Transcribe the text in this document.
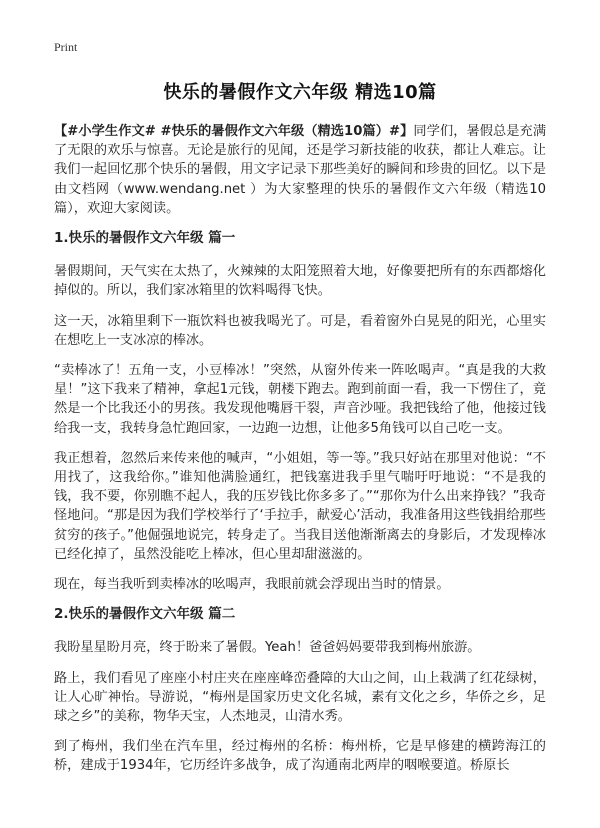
Print
快乐的暑假作文六年级 精选10篇

【#小学生作文# #快乐的暑假作文六年级（精选10篇）#】同学们，暑假总是充满了无限的欢乐与惊喜。无论是旅行的见闻，还是学习新技能的收获，都让人难忘。让我们一起回忆那个快乐的暑假，用文字记录下那些美好的瞬间和珍贵的回忆。以下是由文档网（www.wendang.net ）为大家整理的快乐的暑假作文六年级（精选10篇），欢迎大家阅读。

1.快乐的暑假作文六年级 篇一

暑假期间，天气实在太热了，火辣辣的太阳笼照着大地，好像要把所有的东西都熔化掉似的。所以，我们家冰箱里的饮料喝得飞快。

这一天，冰箱里剩下一瓶饮料也被我喝光了。可是，看着窗外白晃晃的阳光，心里实在想吃上一支冰凉的棒冰。

“卖棒冰了！五角一支，小豆棒冰！”突然，从窗外传来一阵吆喝声。“真是我的大救星！”这下我来了精神，拿起1元钱，朝楼下跑去。跑到前面一看，我一下愣住了，竟然是一个比我还小的男孩。我发现他嘴唇干裂，声音沙哑。我把钱给了他，他接过钱给我一支，我转身急忙跑回家，一边跑一边想，让他多5角钱可以自己吃一支。

我正想着，忽然后来传来他的喊声，“小姐姐，等一等。”我只好站在那里对他说：“不用找了，这我给你。”谁知他满脸通红，把钱塞进我手里气喘吁吁地说：“不是我的钱，我不要，你别瞧不起人，我的压岁钱比你多多了。”“那你为什么出来挣钱？”我奇怪地问。“那是因为我们学校举行了‘手拉手，献爱心’活动，我准备用这些钱捐给那些贫穷的孩子。”他倔强地说完，转身走了。当我目送他渐渐离去的身影后，才发现棒冰已经化掉了，虽然没能吃上棒冰，但心里却甜滋滋的。

现在，每当我听到卖棒冰的吆喝声，我眼前就会浮现出当时的情景。

2.快乐的暑假作文六年级 篇二

我盼星星盼月亮，终于盼来了暑假。Yeah！爸爸妈妈要带我到梅州旅游。

路上，我们看见了座座小村庄夹在座座峰峦叠障的大山之间，山上栽满了红花绿树，让人心旷神怡。导游说，“梅州是国家历史文化名城，素有文化之乡，华侨之乡，足球之乡”的美称，物华天宝，人杰地灵，山清水秀。

到了梅州，我们坐在汽车里，经过梅州的名桥：梅州桥，它是早修建的横跨海江的桥，建成于1934年，它历经许多战争，成了沟通南北两岸的咽喉要道。桥原长
